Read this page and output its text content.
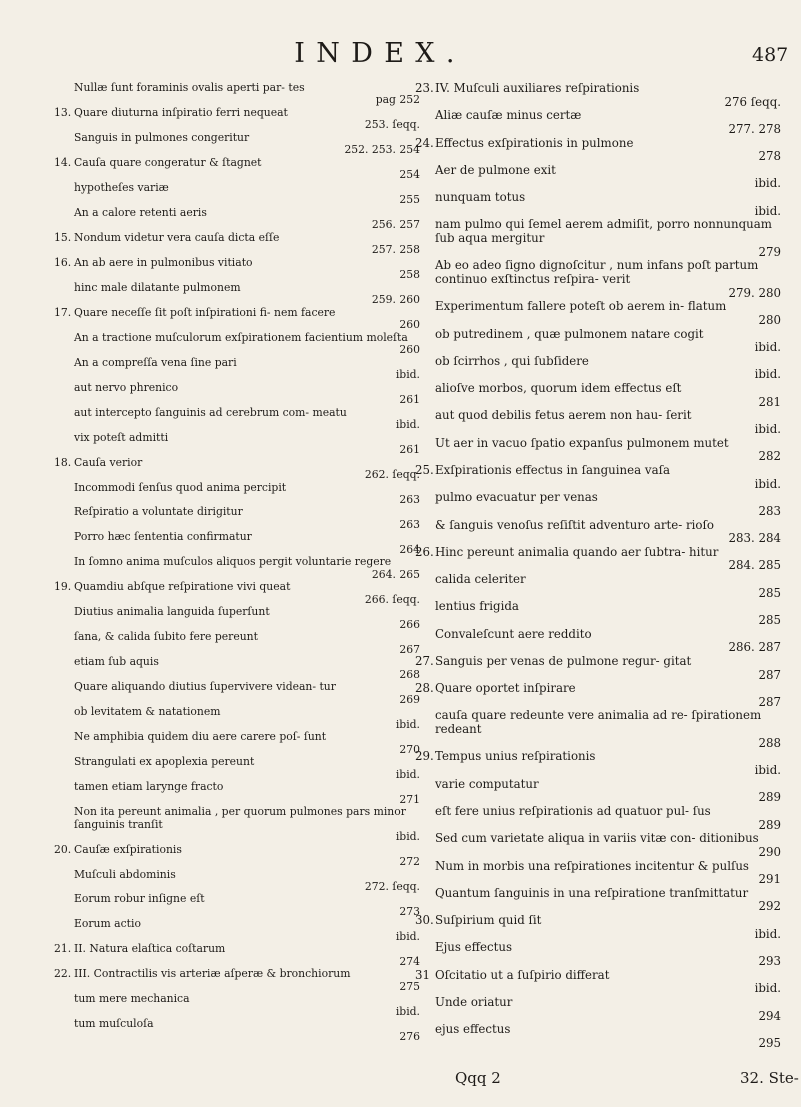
INDEX.	487
Nullæ ſunt foraminis ovalis aperti par- tes
pag 252
13. Quare diuturna inſpiratio ferri nequeat
253. ſeqq.
Sanguis in pulmones congeritur
252. 253. 254
14. Cauſa quare congeratur & ſtagnet
254
hypotheſes variæ
255
An a calore retenti aeris
256. 257
15. Nondum videtur vera cauſa dicta eſſe
257. 258
16. An ab aere in pulmonibus vitiato
258
hinc male dilatante pulmonem
259. 260
17. Quare neceſſe ſit poſt inſpirationi fi- nem facere
260
An a tractione muſculorum exſpirationem facientium moleſta
260
An a compreſſa vena ſine pari
ibid.
aut nervo phrenico
261
aut intercepto ſanguinis ad cerebrum com- meatu
ibid.
vix poteſt admitti
261
18. Cauſa verior
262. ſeqq.
Incommodi ſenſus quod anima percipit
263
Reſpiratio a voluntate dirigitur
263
Porro hæc ſententia confirmatur
264
In ſomno anima muſculos aliquos pergit voluntarie regere
264. 265
19. Quamdiu abſque reſpiratione vivi queat
266. ſeqq.
Diutius animalia languida ſuperſunt
266
ſana, & calida ſubito fere pereunt
267
etiam ſub aquis
268
Quare aliquando diutius ſupervivere videan- tur
269
ob levitatem & natationem
ibid.
Ne amphibia quidem diu aere carere poſ- ſunt
270
Strangulati ex apoplexia pereunt
ibid.
tamen etiam larynge fracto
271
Non ita pereunt animalia , per quorum pulmones pars minor ſanguinis tranſit
ibid.
20. Cauſæ exſpirationis
272
Muſculi abdominis
272. ſeqq.
Eorum robur inſigne eſt
273
Eorum actio
ibid.
21. II. Natura elaſtica coſtarum
274
22. III. Contractilis vis arteriæ aſperæ & bronchiorum
275
tum mere mechanica
ibid.
tum muſculoſa
276
23. IV. Muſculi auxiliares reſpirationis
276 ſeqq.
Aliæ cauſæ minus certæ
277. 278
24. Effectus exſpirationis in pulmone
278
Aer de pulmone exit
ibid.
nunquam totus
ibid.
nam pulmo qui ſemel aerem admiſit, porro nonnunquam ſub aqua mergitur
279
Ab eo adeo ſigno dignoſcitur , num infans poſt partum continuo exſtinctus reſpira- verit
279. 280
Experimentum fallere poteſt ob aerem in- flatum
280
ob putredinem , quæ pulmonem natare cogit
ibid.
ob ſcirrhos , qui ſubſidere
ibid.
alioſve morbos, quorum idem effectus eſt
281
aut quod debilis fetus aerem non hau- ſerit
ibid.
Ut aer in vacuo ſpatio expanſus pulmonem mutet
282
25. Exſpirationis effectus in ſanguinea vaſa
ibid.
pulmo evacuatur per venas
283
& ſanguis venoſus reſiſtit adventuro arte- rioſo
283. 284
26. Hinc pereunt animalia quando aer ſubtra- hitur
284. 285
calida celeriter
285
lentius frigida
285
Convaleſcunt aere reddito
286. 287
27. Sanguis per venas de pulmone regur- gitat
287
28. Quare oportet inſpirare
287
cauſa quare redeunte vere animalia ad re- ſpirationem redeant
288
29. Tempus unius reſpirationis
ibid.
varie computatur
289
eſt fere unius reſpirationis ad quatuor pul- ſus
289
Sed cum varietate aliqua in variis vitæ con- ditionibus
290
Num in morbis una reſpirationes incitentur & pulſus
291
Quantum ſanguinis in una reſpiratione tranſmittatur
292
30. Suſpirium quid ſit
ibid.
Ejus effectus
293
31 Oſcitatio ut a ſuſpirio differat
ibid.
Unde oriatur
294
ejus effectus
295
Qqq 2	32. Ste-
